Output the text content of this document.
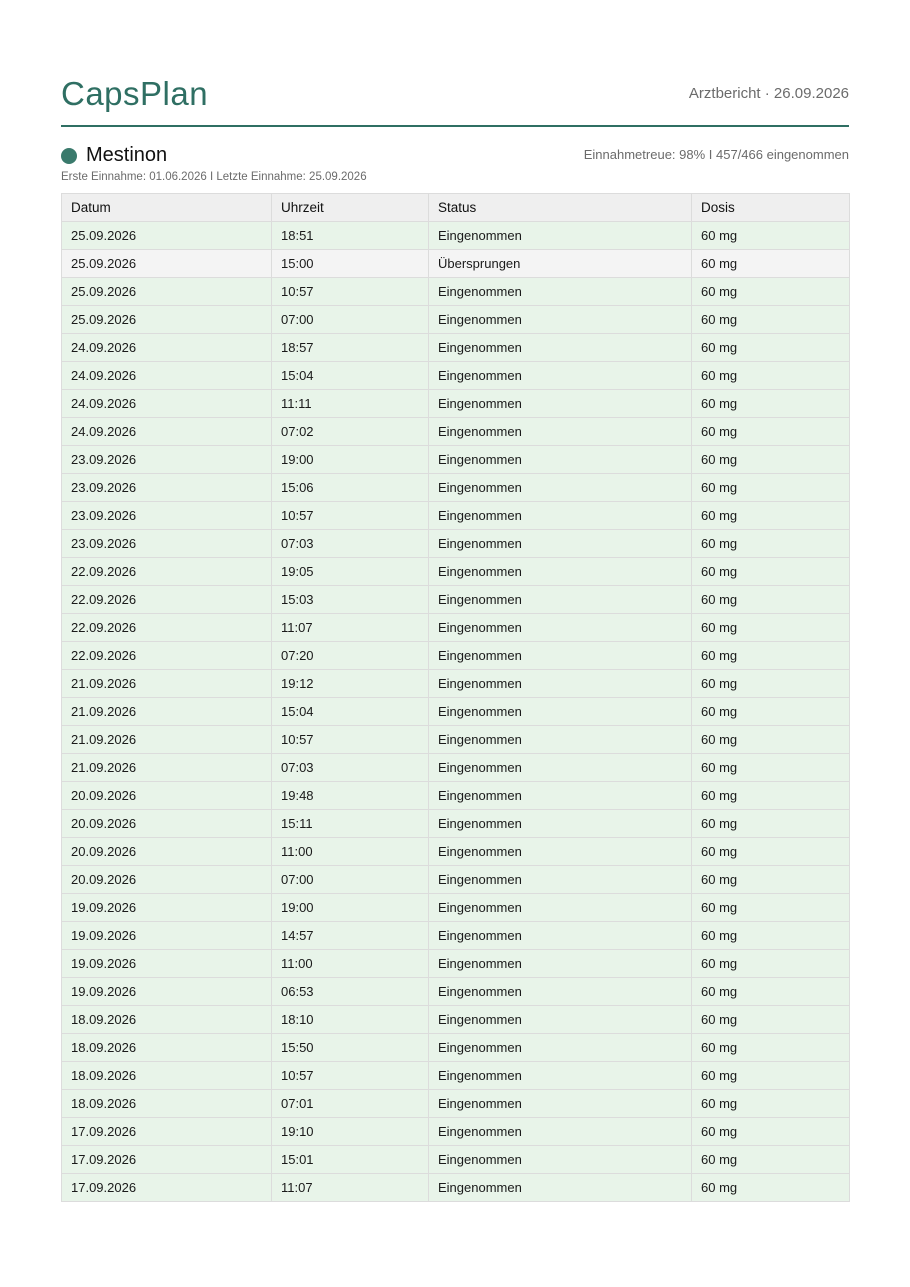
CapsPlan	Arztbericht · 26.09.2026
Mestinon	Einnahmetreue: 98% I 457/466 eingenommen
Erste Einnahme: 01.06.2026 I Letzte Einnahme: 25.09.2026
Datum	Uhrzeit	Status	Dosis
25.09.2026	18:51	Eingenommen	60 mg
25.09.2026	15:00	Übersprungen	60 mg
25.09.2026	10:57	Eingenommen	60 mg
25.09.2026	07:00	Eingenommen	60 mg
24.09.2026	18:57	Eingenommen	60 mg
24.09.2026	15:04	Eingenommen	60 mg
24.09.2026	11:11	Eingenommen	60 mg
24.09.2026	07:02	Eingenommen	60 mg
23.09.2026	19:00	Eingenommen	60 mg
23.09.2026	15:06	Eingenommen	60 mg
23.09.2026	10:57	Eingenommen	60 mg
23.09.2026	07:03	Eingenommen	60 mg
22.09.2026	19:05	Eingenommen	60 mg
22.09.2026	15:03	Eingenommen	60 mg
22.09.2026	11:07	Eingenommen	60 mg
22.09.2026	07:20	Eingenommen	60 mg
21.09.2026	19:12	Eingenommen	60 mg
21.09.2026	15:04	Eingenommen	60 mg
21.09.2026	10:57	Eingenommen	60 mg
21.09.2026	07:03	Eingenommen	60 mg
20.09.2026	19:48	Eingenommen	60 mg
20.09.2026	15:11	Eingenommen	60 mg
20.09.2026	11:00	Eingenommen	60 mg
20.09.2026	07:00	Eingenommen	60 mg
19.09.2026	19:00	Eingenommen	60 mg
19.09.2026	14:57	Eingenommen	60 mg
19.09.2026	11:00	Eingenommen	60 mg
19.09.2026	06:53	Eingenommen	60 mg
18.09.2026	18:10	Eingenommen	60 mg
18.09.2026	15:50	Eingenommen	60 mg
18.09.2026	10:57	Eingenommen	60 mg
18.09.2026	07:01	Eingenommen	60 mg
17.09.2026	19:10	Eingenommen	60 mg
17.09.2026	15:01	Eingenommen	60 mg
17.09.2026	11:07	Eingenommen	60 mg
